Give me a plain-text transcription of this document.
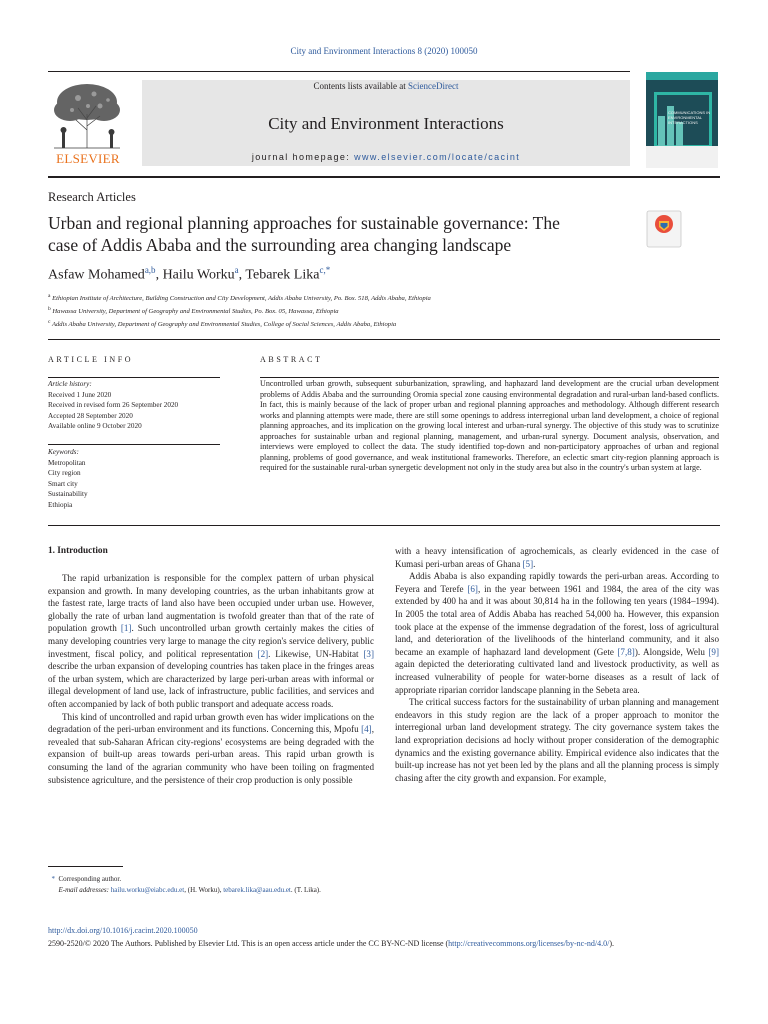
City and Environment Interactions 8 (2020) 100050
ELSEVIER
Contents lists available at ScienceDirect
City and Environment Interactions
journal homepage: www.elsevier.com/locate/cacint
COMMUNICATIONS IN ENVIRONMENTAL INTERACTIONS
Research Articles
Urban and regional planning approaches for sustainable governance: The
case of Addis Ababa and the surrounding area changing landscape
Asfaw Mohamed$^{a,b}$, Hailu Worku$^a$, Tebarek Lika$^{c,*}$
$^a$ Ethiopian Institute of Architecture, Building Construction and City Development, Addis Ababa University, Po. Box. 518, Addis Ababa, Ethiopia
$^b$ Hawassa University, Department of Geography and Environmental Studies, Po. Box. 05, Hawassa, Ethiopia
$^c$ Addis Ababa University, Department of Geography and Environmental Studies, College of Social Sciences, Addis Ababa, Ethiopia
ARTICLE INFO	ABSTRACT
Article history:
Received 1 June 2020
Received in revised form 26 September 2020
Accepted 28 September 2020
Available online 9 October 2020
Keywords:
Metropolitan
City region
Smart city
Sustainability
Ethiopia
Uncontrolled urban growth, subsequent suburbanization, sprawling, and haphazard land development are the crucial urban development problems of Addis Ababa and the surrounding Oromia special zone causing environmental degradation and rural-urban land-based conflicts. In fact, this is mainly because of the lack of proper urban and regional planning approaches and methodology. Although different research works and planning attempts were made, there are still some openings to address interregional urban land development, a choice of regional planning approaches, and its implication on the growing local interest and urban-rural synergy. The objective of this study was to scrutinize approaches for sustainable urban and regional planning, management, and urban-rural synergy. Document analysis, observation, and interviews were employed to collect the data. The study identified top-down and non-participatory approaches of urban and regional planning, problems of good governance, and weak institutional frameworks. Therefore, an eclectic smart city-region planning approach is required for the sustainable rural-urban synergetic development not only in the study area but also in the country's urban system at large.
1. Introduction

The rapid urbanization is responsible for the complex pattern of urban physical expansion and growth. In many developing countries, as the urban inhabitants grow at the fastest rate, large tracts of land also have been occupied under urban use. However, globally the rate of urban land augmentation is twofold greater than that of the rate of population growth [1]. Such uncontrolled urban growth certainly makes the cities of many developing countries very large to manage the city region's service delivery, public investment, fiscal policy, and political representation [2]. Likewise, UN-Habitat [3] describe the urban expansion of developing countries has taken place in the fringes areas of the urban system, which are characterized by large peri-urban areas with informal or illegal development of land use, lack of infrastructure, public facilities, and services and often accompanied by lack of both public transport and adequate access roads.

This kind of uncontrolled and rapid urban growth even has wider implications on the degradation of the peri-urban environment and its functions. Concerning this, Mpofu [4], revealed that sub-Saharan African city-regions' ecosystems are being degraded with the expansion of built-up areas towards peri-urban areas. This rapid urban growth is consuming the land of the agrarian community who have been toiling on fragmented subsistence agriculture, and the persistence of their crop production is only possible

with a heavy intensification of agrochemicals, as clearly evidenced in the case of Kumasi peri-urban areas of Ghana [5].

Addis Ababa is also expanding rapidly towards the peri-urban areas. According to Feyera and Terefe [6], in the year between 1961 and 1984, the area of the city was extended by 400 ha and it was about 30,814 ha in the following ten years (1984–1994). In 2005 the total area of Addis Ababa has reached 54,000 ha. However, this expansion took place at the expense of the immense degradation of the forest, loss of agricultural land, and deterioration of the livelihoods of the hinterland community, and it also became an example of haphazard land development (Gete [7,8]). Alongside, Welu [9] again depicted the deteriorating cultivated land and livestock productivity, as well as increased vulnerability of people for water-borne diseases as a result of lack of appropriate riparian corridor landscape planning in the Sebeta area.

The critical success factors for the sustainability of urban planning and management endeavors in this study region are the lack of a proper approach to monitor the interregional urban land development strategy. The city governance system takes the land expropriation decisions ad hocly without proper consideration of the demographic dynamics and the existing governance ability. Empirical evidence also indicates that the built-up increase has not yet been led by the plans and all the planning process is simply chasing after the city growth and expansion. For example,

*  Corresponding author.
E-mail addresses: hailu.worku@eiabc.edu.et, (H. Worku), tebarek.lika@aau.edu.et. (T. Lika).
http://dx.doi.org/10.1016/j.cacint.2020.100050
2590-2520/© 2020 The Authors. Published by Elsevier Ltd. This is an open access article under the CC BY-NC-ND license (http://creativecommons.org/licenses/by-nc-nd/4.0/).
